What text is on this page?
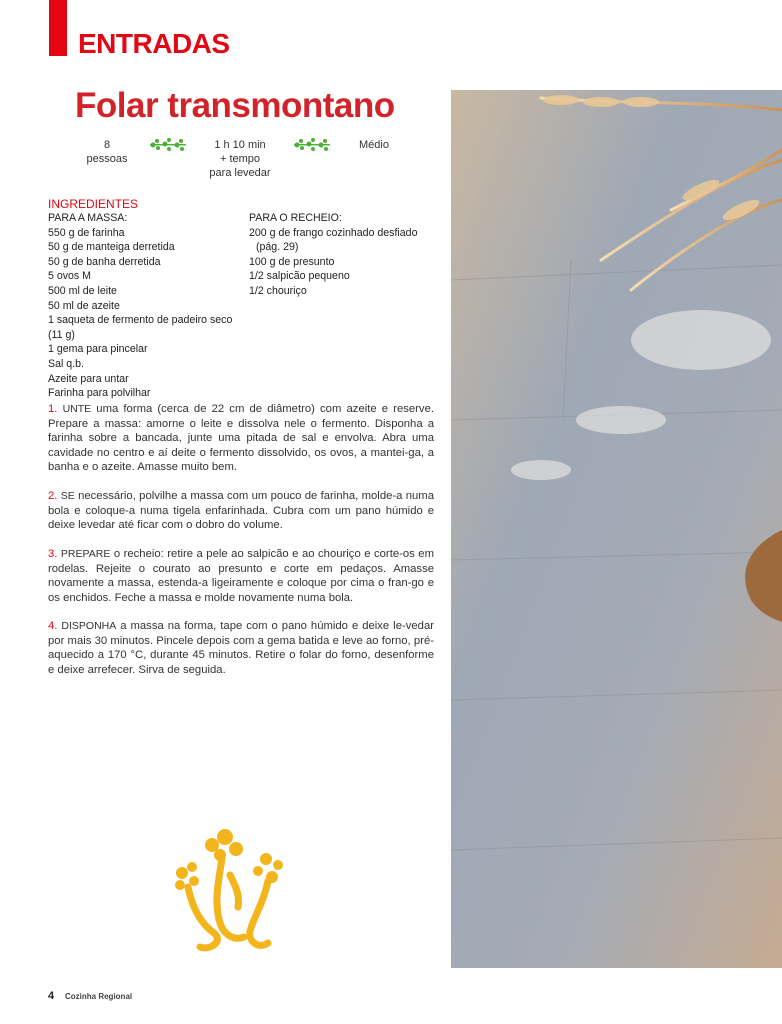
ENTRADAS
Folar transmontano
8 pessoas
1 h 10 min
+ tempo
para levedar
Médio
INGREDIENTES
PARA A MASSA:
550 g de farinha
50 g de manteiga derretida
50 g de banha derretida
5 ovos M
500 ml de leite
50 ml de azeite
1 saqueta de fermento de padeiro seco (11 g)
1 gema para pincelar
Sal q.b.
Azeite para untar
Farinha para polvilhar
PARA O RECHEIO:
200 g de frango cozinhado desfiado
(pág. 29)
100 g de presunto
1/2 salpicão pequeno
1/2 chouriço
1. UNTE uma forma (cerca de 22 cm de diâmetro) com azeite e reserve. Prepare a massa: amorne o leite e dissolva nele o fermento. Disponha a farinha sobre a bancada, junte uma pitada de sal e envolva. Abra uma cavidade no centro e aí deite o fermento dissolvido, os ovos, a mantei-ga, a banha e o azeite. Amasse muito bem.
2. SE necessário, polvilhe a massa com um pouco de farinha, molde-a numa bola e coloque-a numa tigela enfarinhada. Cubra com um pano húmido e deixe levedar até ficar com o dobro do volume.
3. PREPARE o recheio: retire a pele ao salpicão e ao chouriço e corte-os em rodelas. Rejeite o courato ao presunto e corte em pedaços. Amasse novamente a massa, estenda-a ligeiramente e coloque por cima o fran-go e os enchidos. Feche a massa e molde novamente numa bola.
4. DISPONHA a massa na forma, tape com o pano húmido e deixe le-vedar por mais 30 minutos. Pincele depois com a gema batida e leve ao forno, pré-aquecido a 170 °C, durante 45 minutos. Retire o folar do forno, desenforme e deixe arrefecer. Sirva de seguida.
4 Cozinha Regional
